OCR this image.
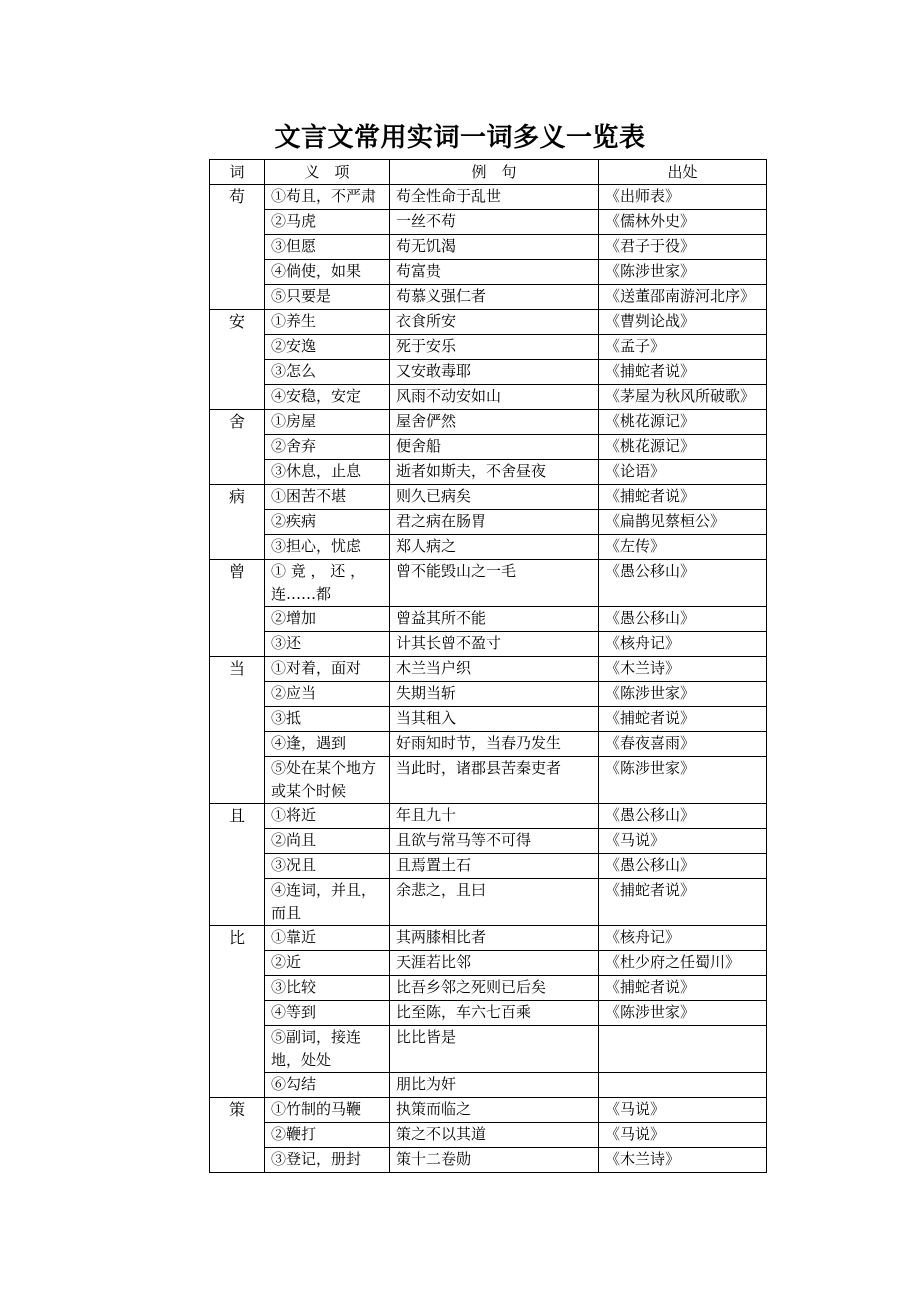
文言文常用实词一词多义一览表
词	义　项	例　句	出处
苟	①苟且，不严肃	苟全性命于乱世	《出师表》
	②马虎	一丝不苟	《儒林外史》
	③但愿	苟无饥渴	《君子于役》
	④倘使，如果	苟富贵	《陈涉世家》
	⑤只要是	苟慕义强仁者	《送董邵南游河北序》
安	①养生	衣食所安	《曹刿论战》
	②安逸	死于安乐	《孟子》
	③怎么	又安敢毒耶	《捕蛇者说》
	④安稳，安定	风雨不动安如山	《茅屋为秋风所破歌》
舍	①房屋	屋舍俨然	《桃花源记》
	②舍弃	便舍船	《桃花源记》
	③休息，止息	逝者如斯夫，不舍昼夜	《论语》
病	①困苦不堪	则久已病矣	《捕蛇者说》
	②疾病	君之病在肠胃	《扁鹊见蔡桓公》
	③担心，忧虑	郑人病之	《左传》
曾	① 竟 ， 还 ， 连……都	曾不能毁山之一毛	《愚公移山》
	②增加	曾益其所不能	《愚公移山》
	③还	计其长曾不盈寸	《核舟记》
当	①对着，面对	木兰当户织	《木兰诗》
	②应当	失期当斩	《陈涉世家》
	③抵	当其租入	《捕蛇者说》
	④逢，遇到	好雨知时节，当春乃发生	《春夜喜雨》
	⑤处在某个地方或某个时候	当此时，诸郡县苦秦吏者	《陈涉世家》
且	①将近	年且九十	《愚公移山》
	②尚且	且欲与常马等不可得	《马说》
	③况且	且焉置土石	《愚公移山》
	④连词，并且，而且	余悲之，且曰	《捕蛇者说》
比	①靠近	其两膝相比者	《核舟记》
	②近	天涯若比邻	《杜少府之任蜀川》
	③比较	比吾乡邻之死则已后矣	《捕蛇者说》
	④等到	比至陈，车六七百乘	《陈涉世家》
	⑤副词，接连地，处处	比比皆是	
	⑥勾结	朋比为奸	
策	①竹制的马鞭	执策而临之	《马说》
	②鞭打	策之不以其道	《马说》
	③登记，册封	策十二卷勋	《木兰诗》
